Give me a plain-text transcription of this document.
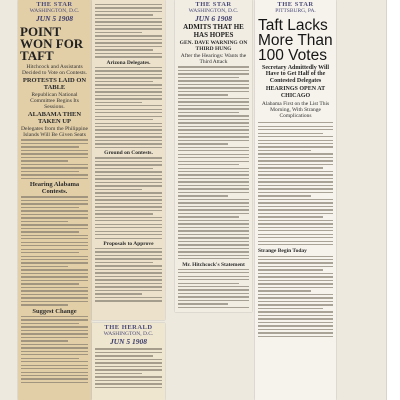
THE STAR
WASHINGTON, D.C.
JUN 5 1908
POINT WON FOR TAFT
Hitchcock and Assistants Decided to Vote on Contests.
PROTESTS LAID ON TABLE
Republican National Committee Begins Its Sessions.
ALABAMA THEN TAKEN UP
Delegates from the Philippine Islands Will Be Given Seats
Hearing Alabama Contests.
Suggest Change
Arizona Delegates.
Ground on Contests.
Proposals to Approve
THE HERALD
WASHINGTON, D.C.
JUN 5 1908
THE STAR
WASHINGTON, D.C.
JUN 6 1908
ADMITS THAT HE HAS HOPES
GEN. DAVE WARNING ON THIRD HUNG
After the Hearings: Wants the Third Attack
Mr. Hitchcock's Statement
THE STAR
PITTSBURG, PA.
Taft Lacks More Than 100 Votes
Secretary Admittedly Will Have to Get Half of the Contested Delegates
HEARINGS OPEN AT CHICAGO
Alabama First on the List This Morning, With Strange Complications
Strange Begin Today
